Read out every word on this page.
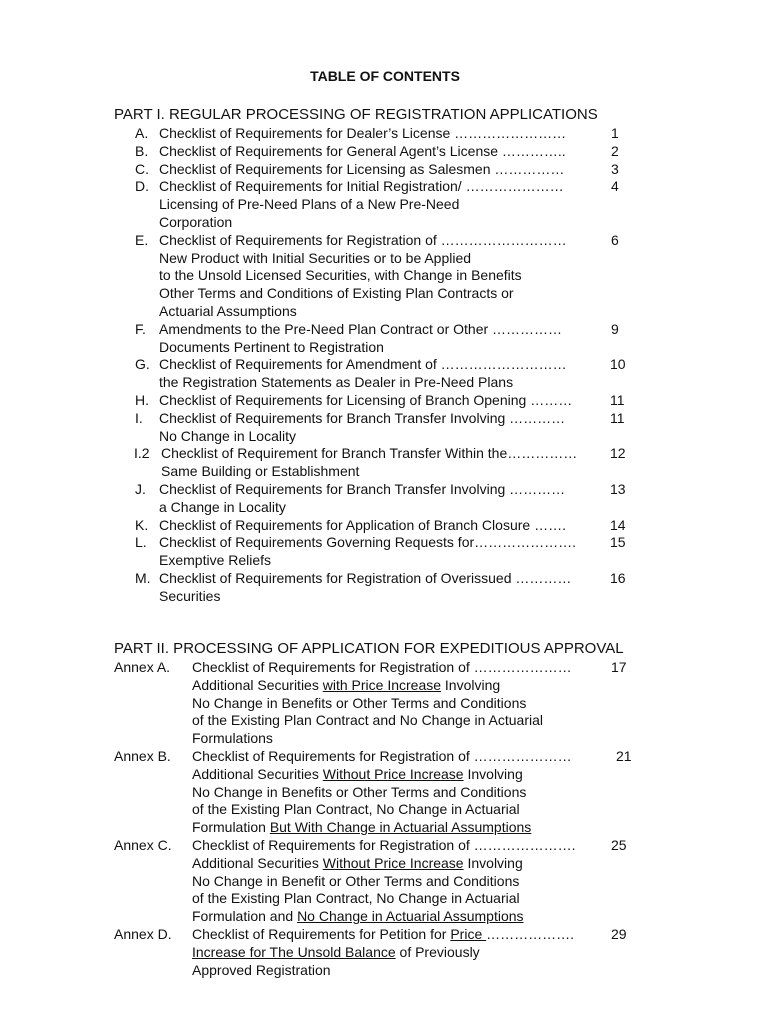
TABLE OF CONTENTS
PART I. REGULAR PROCESSING OF REGISTRATION APPLICATIONS
A. Checklist of Requirements for Dealer’s License ……………………	1
B. Checklist of Requirements for General Agent’s License …………..	2
C. Checklist of Requirements for Licensing as Salesmen ……………	3
D. Checklist of Requirements for Initial Registration/ …………………	4
Licensing of Pre-Need Plans of a New Pre-Need
Corporation
E. Checklist of Requirements for Registration of ………………………	6
New Product with Initial Securities or to be Applied
to the Unsold Licensed Securities, with Change in Benefits
Other Terms and Conditions of Existing Plan Contracts or
Actuarial Assumptions
F. Amendments to the Pre-Need Plan Contract or Other ……………	9
Documents Pertinent to Registration
G. Checklist of Requirements for Amendment of ………………………	10
the Registration Statements as Dealer in Pre-Need Plans
H. Checklist of Requirements for Licensing of Branch Opening ………	11
I. Checklist of Requirements for Branch Transfer Involving …………	11
No Change in Locality
I.2 Checklist of Requirement for Branch Transfer Within the…………… 12
Same Building or Establishment
J. Checklist of Requirements for Branch Transfer Involving …………	13
a Change in Locality
K. Checklist of Requirements for Application of Branch Closure …….	14
L. Checklist of Requirements Governing Requests for…………………. 15
Exemptive Reliefs
M. Checklist of Requirements for Registration of Overissued …………	16
Securities
PART II. PROCESSING OF APPLICATION FOR EXPEDITIOUS APPROVAL
Annex A. Checklist of Requirements for Registration of …………………	17
Additional Securities with Price Increase Involving
No Change in Benefits or Other Terms and Conditions
of the Existing Plan Contract and No Change in Actuarial
Formulations
Annex B. Checklist of Requirements for Registration of …………………	21
Additional Securities Without Price Increase Involving
No Change in Benefits or Other Terms and Conditions
of the Existing Plan Contract, No Change in Actuarial
Formulation But With Change in Actuarial Assumptions
Annex C. Checklist of Requirements for Registration of ………………….	25
Additional Securities Without Price Increase Involving
No Change in Benefit or Other Terms and Conditions
of the Existing Plan Contract, No Change in Actuarial
Formulation and No Change in Actuarial Assumptions
Annex D. Checklist of Requirements for Petition for Price ……………….	29
Increase for The Unsold Balance of Previously
Approved Registration
